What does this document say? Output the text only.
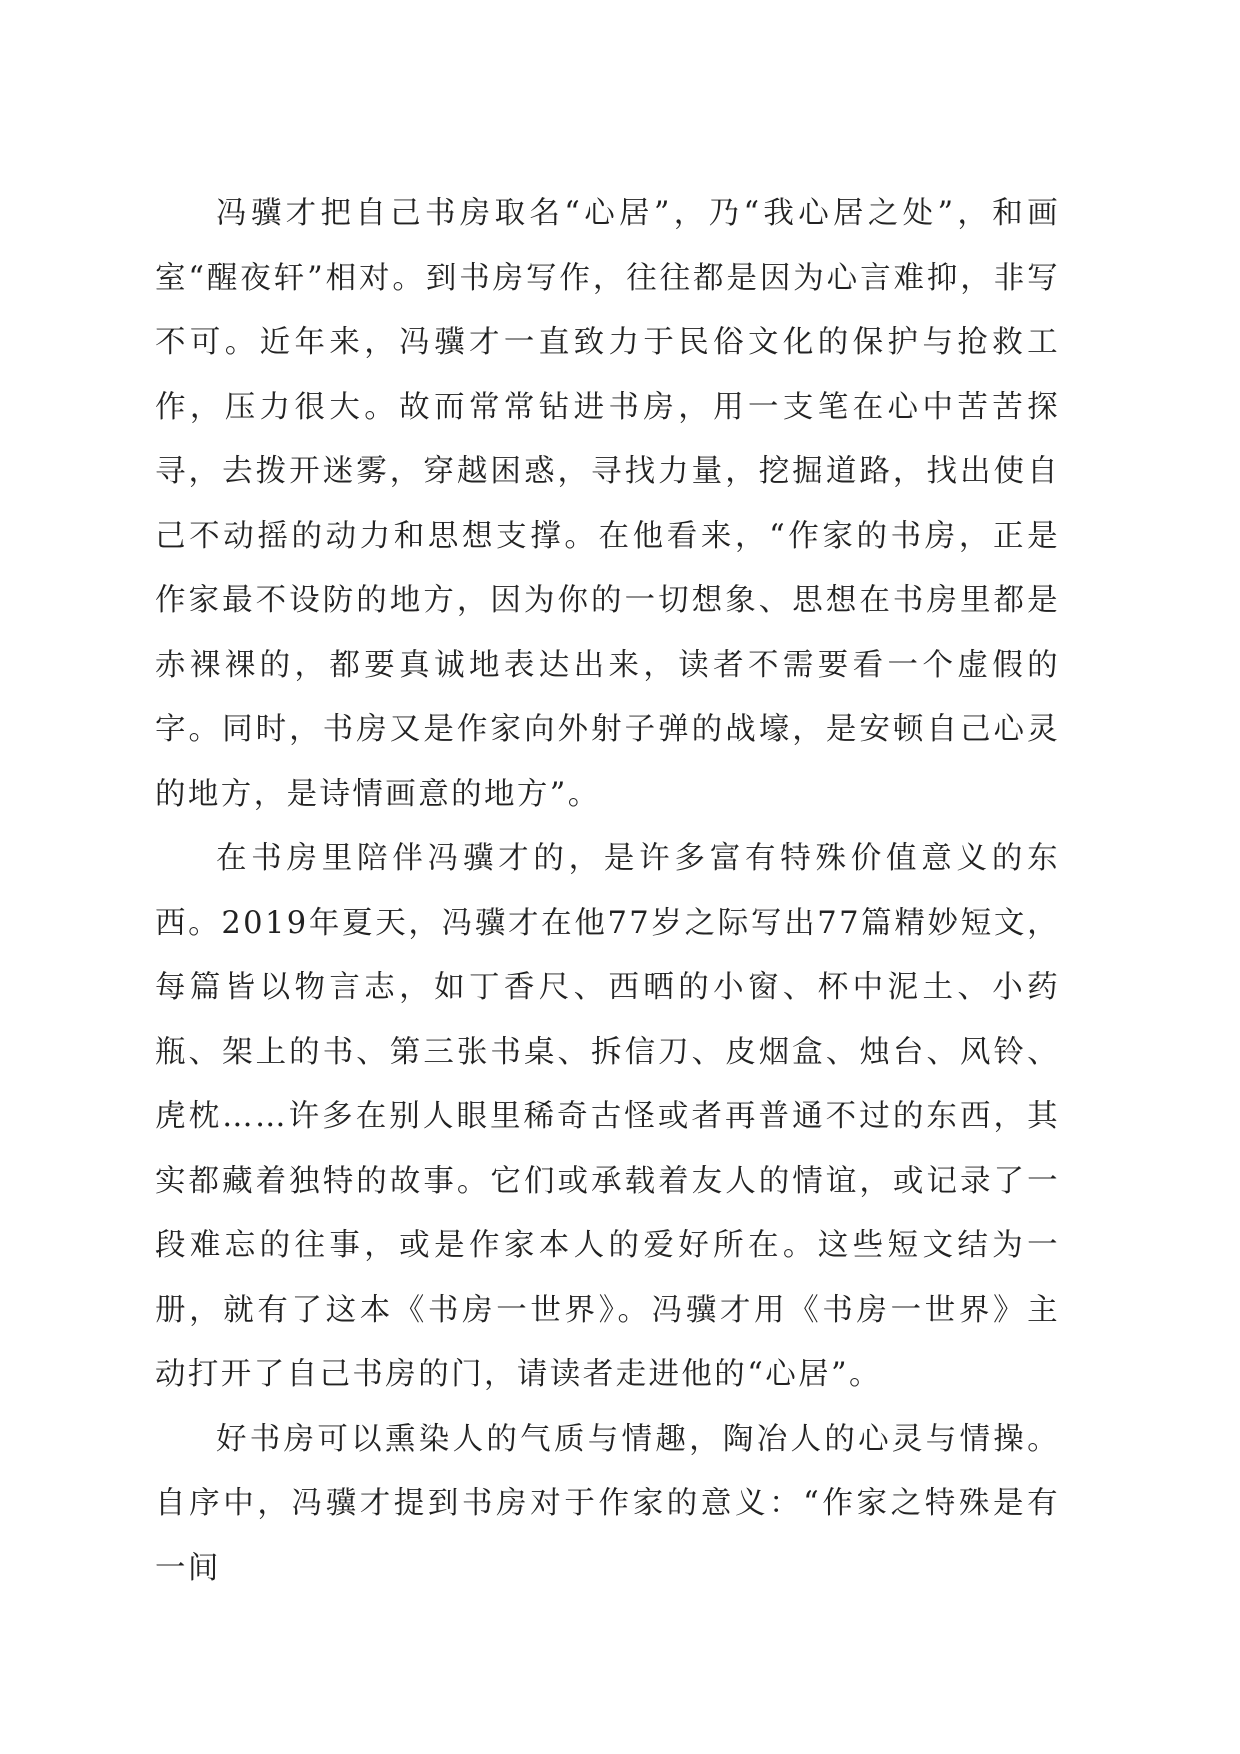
冯骥才把自己书房取名“心居”，乃“我心居之处”，和画室“醒夜轩”相对。到书房写作，往往都是因为心言难抑，非写不可。近年来，冯骥才一直致力于民俗文化的保护与抢救工作，压力很大。故而常常钻进书房，用一支笔在心中苦苦探寻，去拨开迷雾，穿越困惑，寻找力量，挖掘道路，找出使自己不动摇的动力和思想支撑。在他看来，“作家的书房，正是作家最不设防的地方，因为你的一切想象、思想在书房里都是赤裸裸的，都要真诚地表达出来，读者不需要看一个虚假的字。同时，书房又是作家向外射子弹的战壕，是安顿自己心灵的地方，是诗情画意的地方”。

在书房里陪伴冯骥才的，是许多富有特殊价值意义的东西。2019年夏天，冯骥才在他77岁之际写出77篇精妙短文，每篇皆以物言志，如丁香尺、西晒的小窗、杯中泥土、小药瓶、架上的书、第三张书桌、拆信刀、皮烟盒、烛台、风铃、虎枕……许多在别人眼里稀奇古怪或者再普通不过的东西，其实都藏着独特的故事。它们或承载着友人的情谊，或记录了一段难忘的往事，或是作家本人的爱好所在。这些短文结为一册，就有了这本《书房一世界》。冯骥才用《书房一世界》主动打开了自己书房的门，请读者走进他的“心居”。

好书房可以熏染人的气质与情趣，陶冶人的心灵与情操。自序中，冯骥才提到书房对于作家的意义：“作家之特殊是有一间
